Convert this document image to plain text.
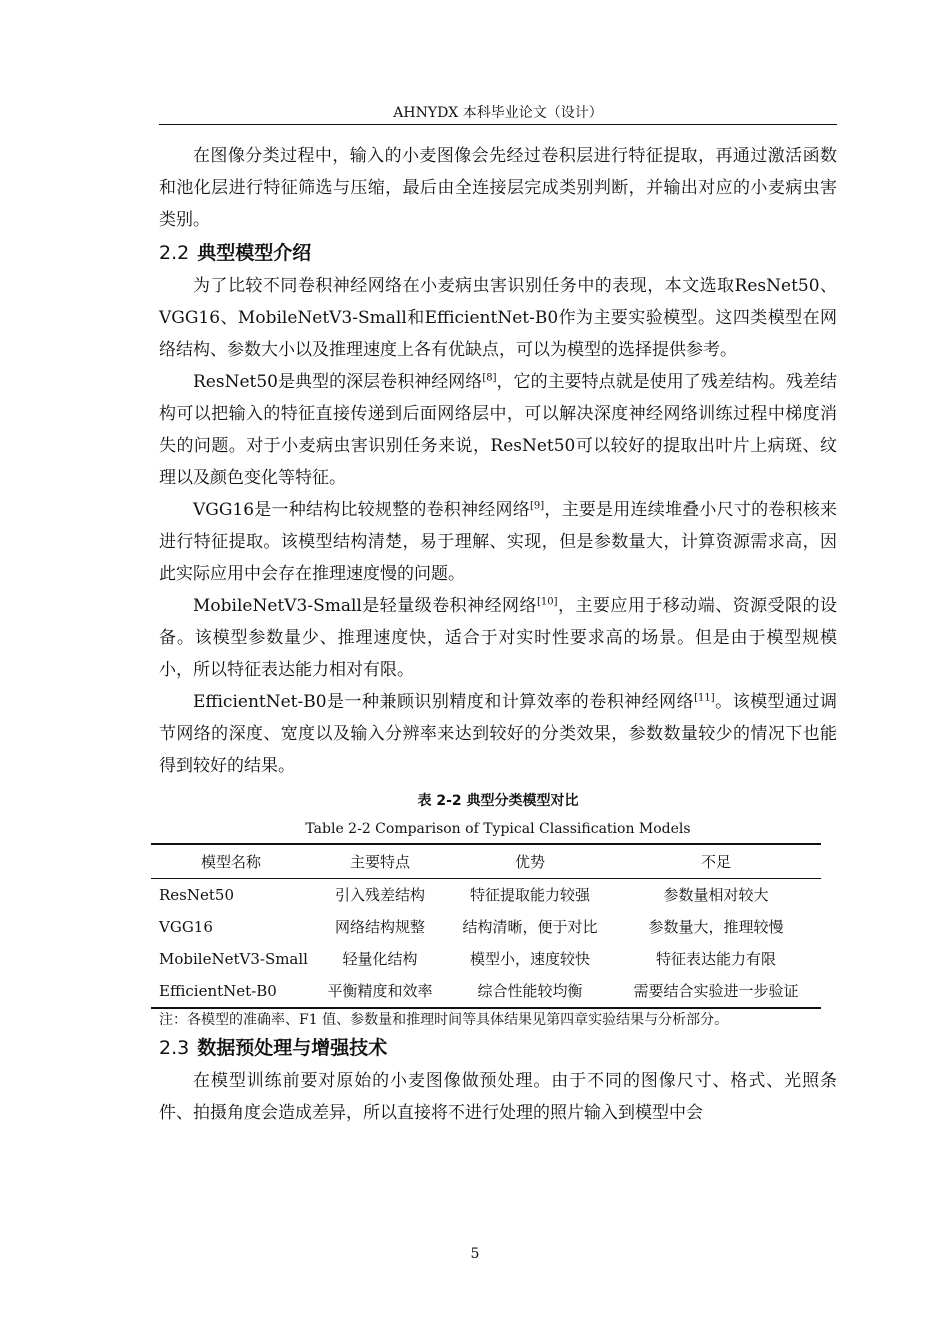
AHNYDX 本科毕业论文（设计）

在图像分类过程中，输入的小麦图像会先经过卷积层进行特征提取，再通过激活函数和池化层进行特征筛选与压缩，最后由全连接层完成类别判断，并输出对应的小麦病虫害类别。

2.2 典型模型介绍

为了比较不同卷积神经网络在小麦病虫害识别任务中的表现，本文选取ResNet50、VGG16、MobileNetV3-Small和EfficientNet-B0作为主要实验模型。这四类模型在网络结构、参数大小以及推理速度上各有优缺点，可以为模型的选择提供参考。

ResNet50是典型的深层卷积神经网络[8]，它的主要特点就是使用了残差结构。残差结构可以把输入的特征直接传递到后面网络层中，可以解决深度神经网络训练过程中梯度消失的问题。对于小麦病虫害识别任务来说，ResNet50可以较好的提取出叶片上病斑、纹理以及颜色变化等特征。

VGG16是一种结构比较规整的卷积神经网络[9]，主要是用连续堆叠小尺寸的卷积核来进行特征提取。该模型结构清楚，易于理解、实现，但是参数量大，计算资源需求高，因此实际应用中会存在推理速度慢的问题。

MobileNetV3-Small是轻量级卷积神经网络[10]，主要应用于移动端、资源受限的设备。该模型参数量少、推理速度快，适合于对实时性要求高的场景。但是由于模型规模小，所以特征表达能力相对有限。

EfficientNet-B0是一种兼顾识别精度和计算效率的卷积神经网络[11]。该模型通过调节网络的深度、宽度以及输入分辨率来达到较好的分类效果，参数数量较少的情况下也能得到较好的结果。

表 2-2 典型分类模型对比
Table 2-2 Comparison of Typical Classification Models
模型名称	主要特点	优势	不足
ResNet50	引入残差结构	特征提取能力较强	参数量相对较大
VGG16	网络结构规整	结构清晰，便于对比	参数量大，推理较慢
MobileNetV3-Small	轻量化结构	模型小，速度较快	特征表达能力有限
EfficientNet-B0	平衡精度和效率	综合性能较均衡	需要结合实验进一步验证

注：各模型的准确率、F1 值、参数量和推理时间等具体结果见第四章实验结果与分析部分。

2.3 数据预处理与增强技术

在模型训练前要对原始的小麦图像做预处理。由于不同的图像尺寸、格式、光照条件、拍摄角度会造成差异，所以直接将不进行处理的照片输入到模型中会

5
